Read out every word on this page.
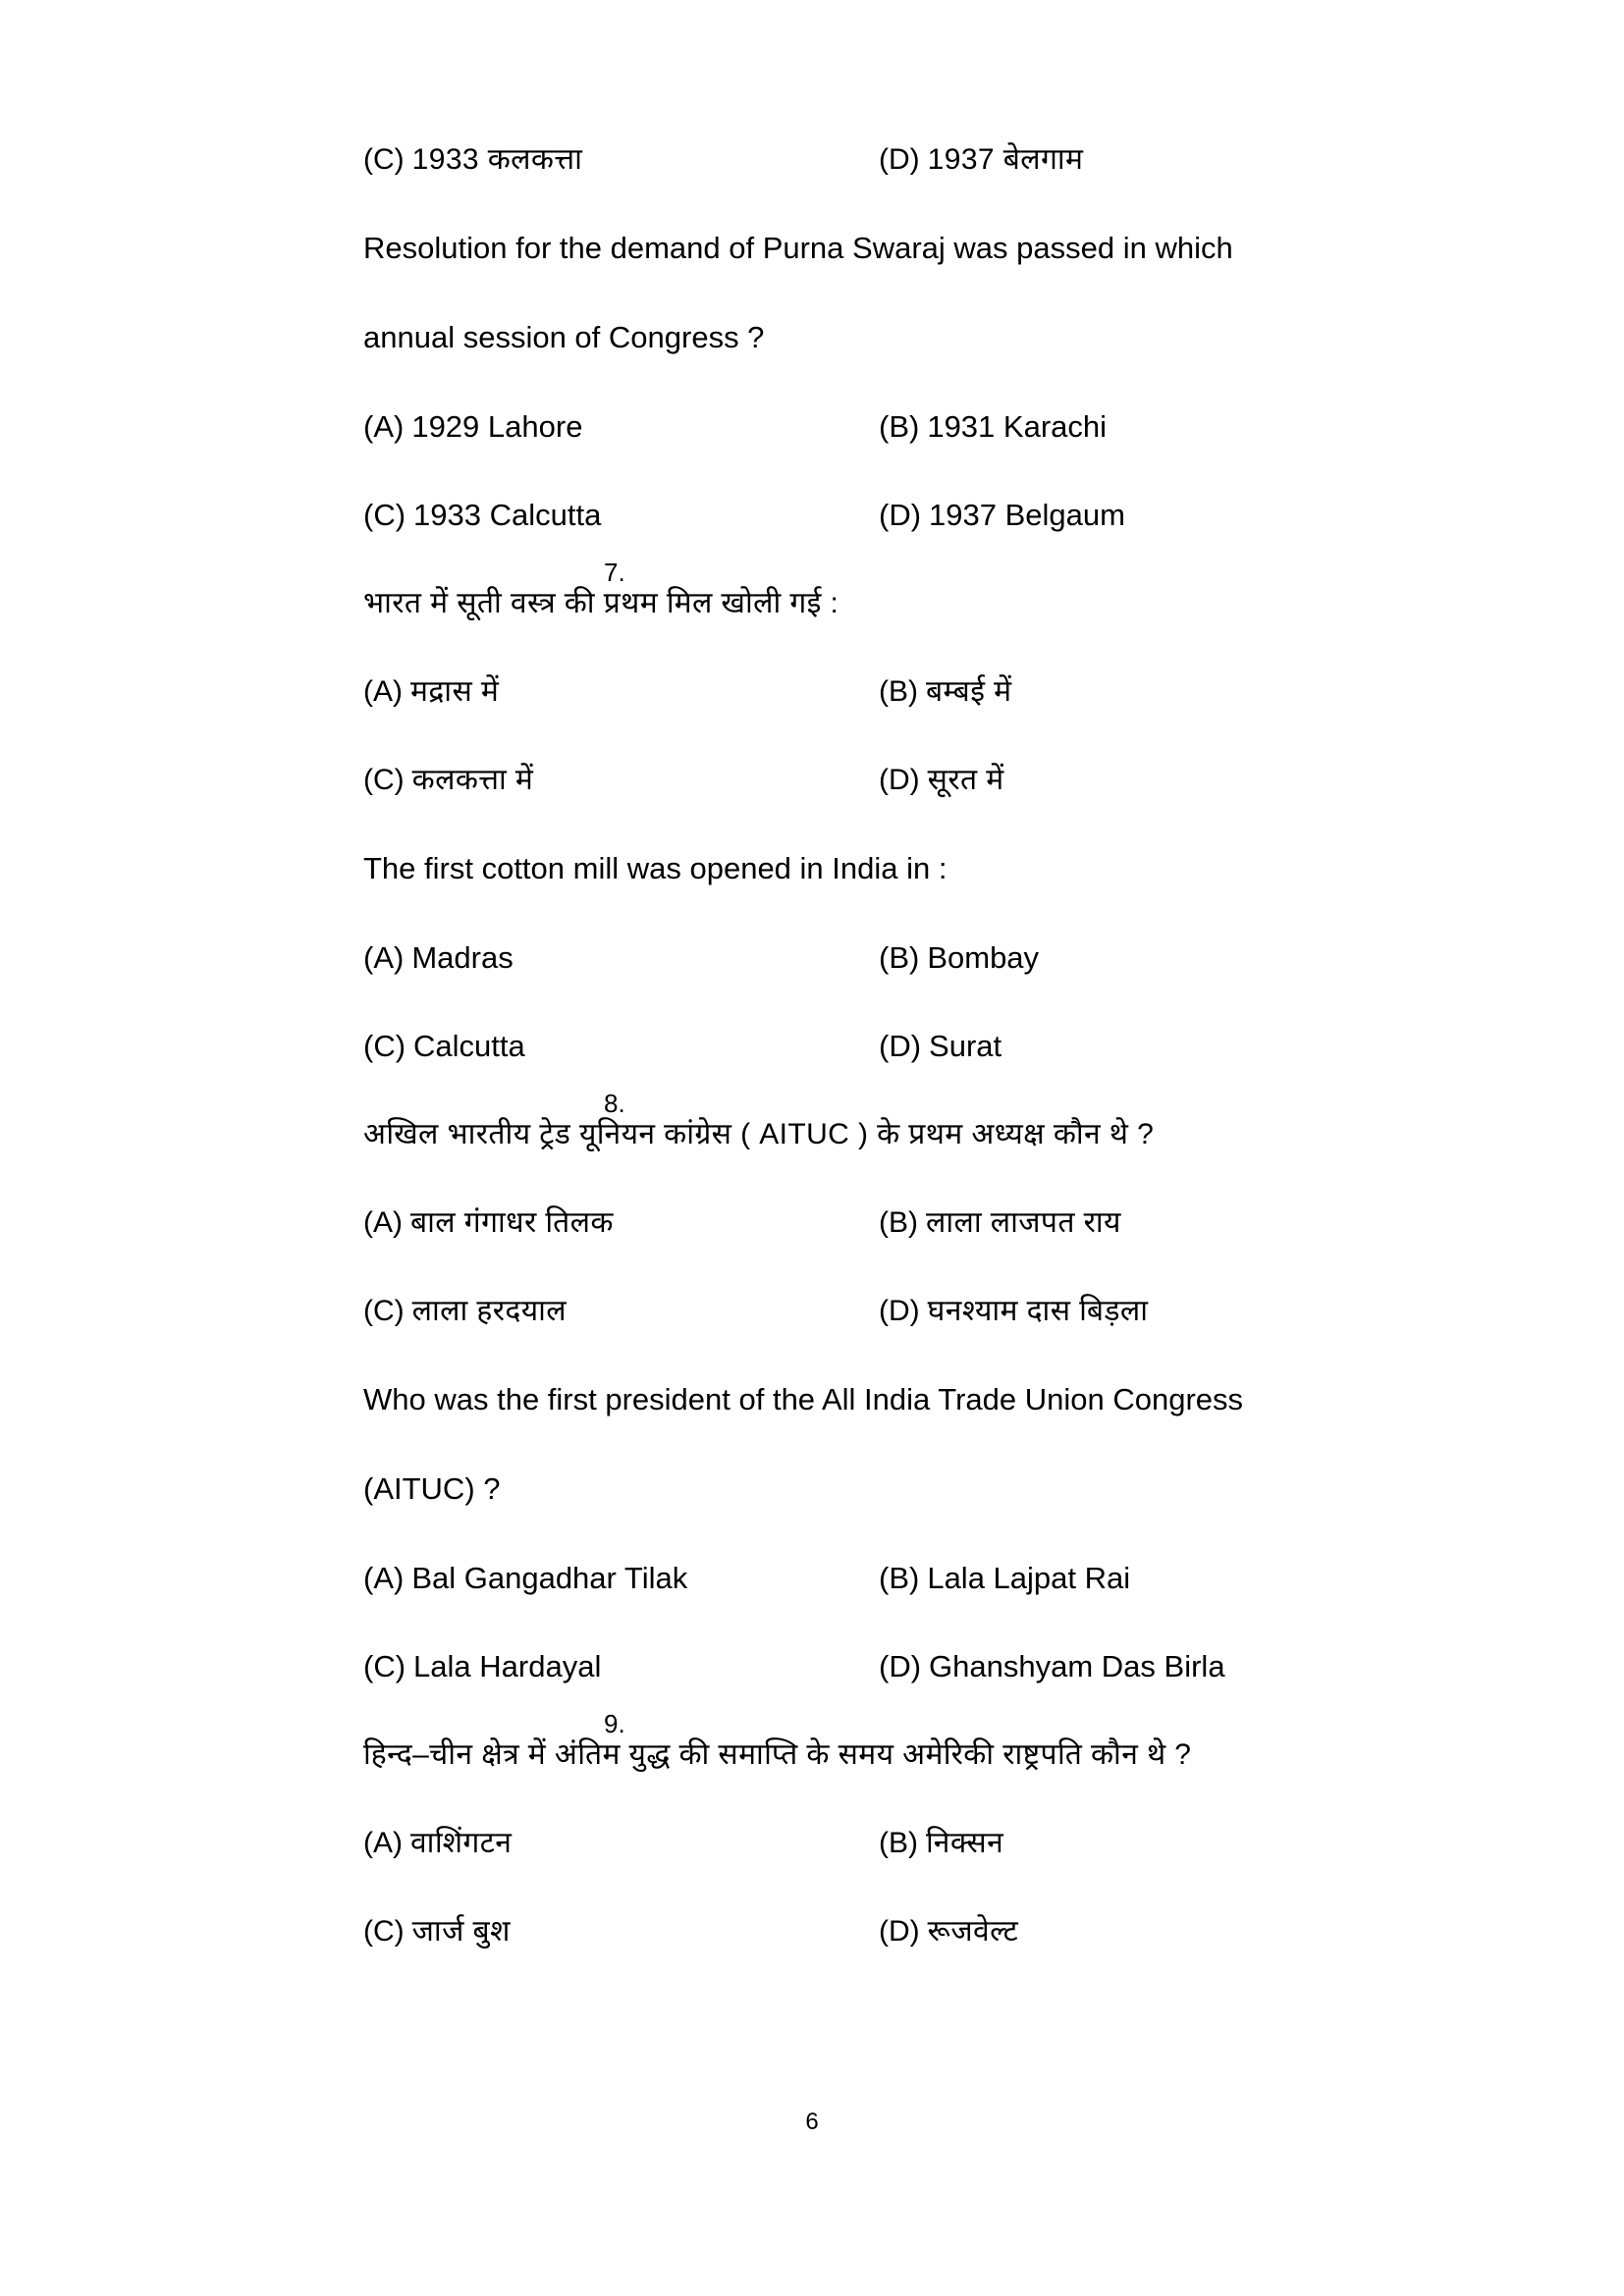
(C) 1933 कलकत्ता	(D) 1937 बेलगाम
Resolution for the demand of Purna Swaraj was passed in which
annual session of Congress ?
(A) 1929 Lahore	(B) 1931 Karachi
(C) 1933 Calcutta	(D) 1937 Belgaum
7.
भारत में सूती वस्त्र की प्रथम मिल खोली गई :
(A) मद्रास में	(B) बम्बई में
(C) कलकत्ता में	(D) सूरत में
The first cotton mill was opened in India in :
(A) Madras	(B) Bombay
(C) Calcutta	(D) Surat
8.
अखिल भारतीय ट्रेड यूनियन कांग्रेस ( AITUC ) के प्रथम अध्यक्ष कौन थे ?
(A) बाल गंगाधर तिलक	(B) लाला लाजपत राय
(C) लाला हरदयाल	(D) घनश्याम दास बिड़ला
Who was the first president of the All India Trade Union Congress
(AITUC) ?
(A) Bal Gangadhar Tilak	(B) Lala Lajpat Rai
(C) Lala Hardayal	(D) Ghanshyam Das Birla
9.
हिन्द–चीन क्षेत्र में अंतिम युद्ध की समाप्ति के समय अमेरिकी राष्ट्रपति कौन थे ?
(A) वाशिंगटन	(B) निक्सन
(C) जार्ज बुश	(D) रूजवेल्ट
6
